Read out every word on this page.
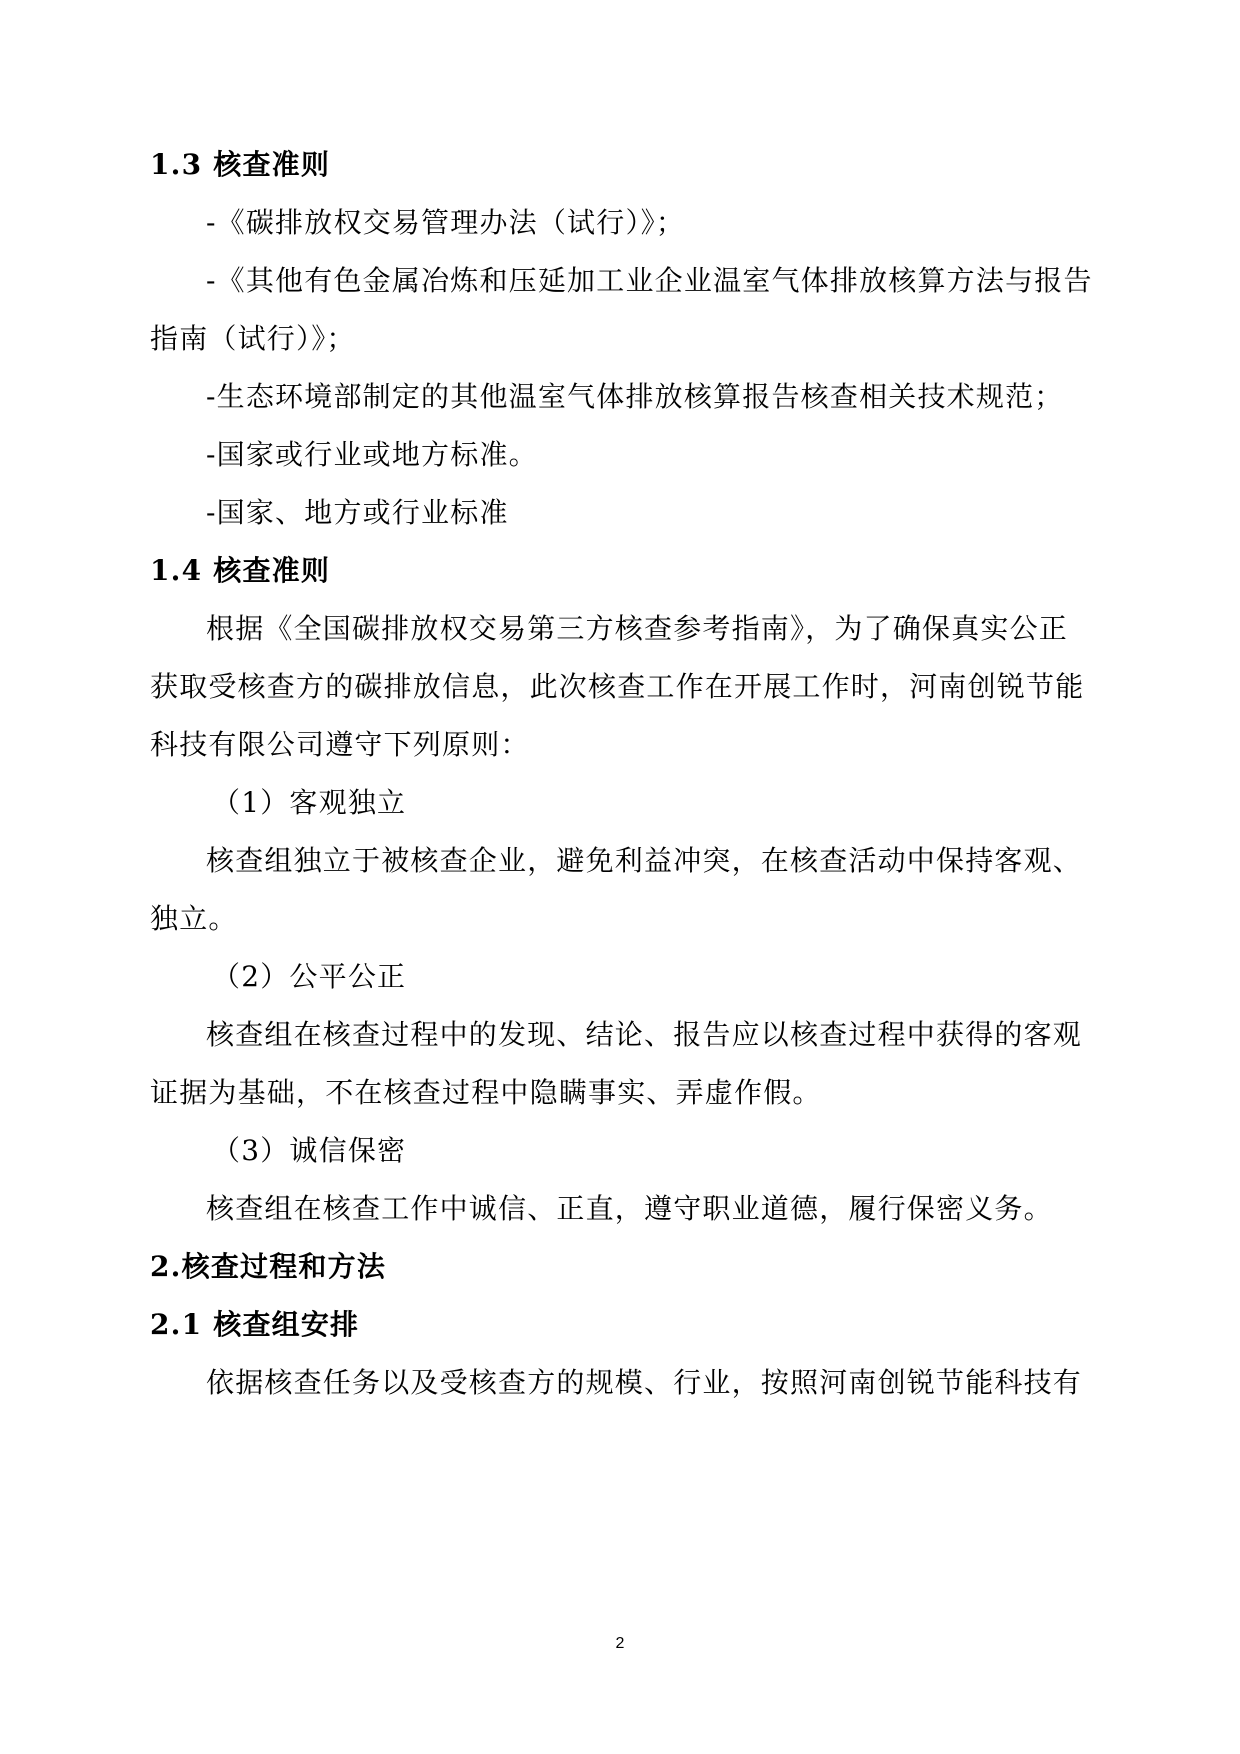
1.3 核查准则
-《碳排放权交易管理办法（试行）》；
-《其他有色金属冶炼和压延加工业企业温室气体排放核算方法与报告
指南（试行）》；
-生态环境部制定的其他温室气体排放核算报告核查相关技术规范；
-国家或行业或地方标准。
-国家、地方或行业标准
1.4 核查准则
根据《全国碳排放权交易第三方核查参考指南》，为了确保真实公正
获取受核查方的碳排放信息，此次核查工作在开展工作时，河南创锐节能
科技有限公司遵守下列原则：
（1）客观独立
核查组独立于被核查企业，避免利益冲突，在核查活动中保持客观、
独立。
（2）公平公正
核查组在核查过程中的发现、结论、报告应以核查过程中获得的客观
证据为基础，不在核查过程中隐瞒事实、弄虚作假。
（3）诚信保密
核查组在核查工作中诚信、正直，遵守职业道德，履行保密义务。
2.核查过程和方法
2.1 核查组安排
依据核查任务以及受核查方的规模、行业，按照河南创锐节能科技有
2
